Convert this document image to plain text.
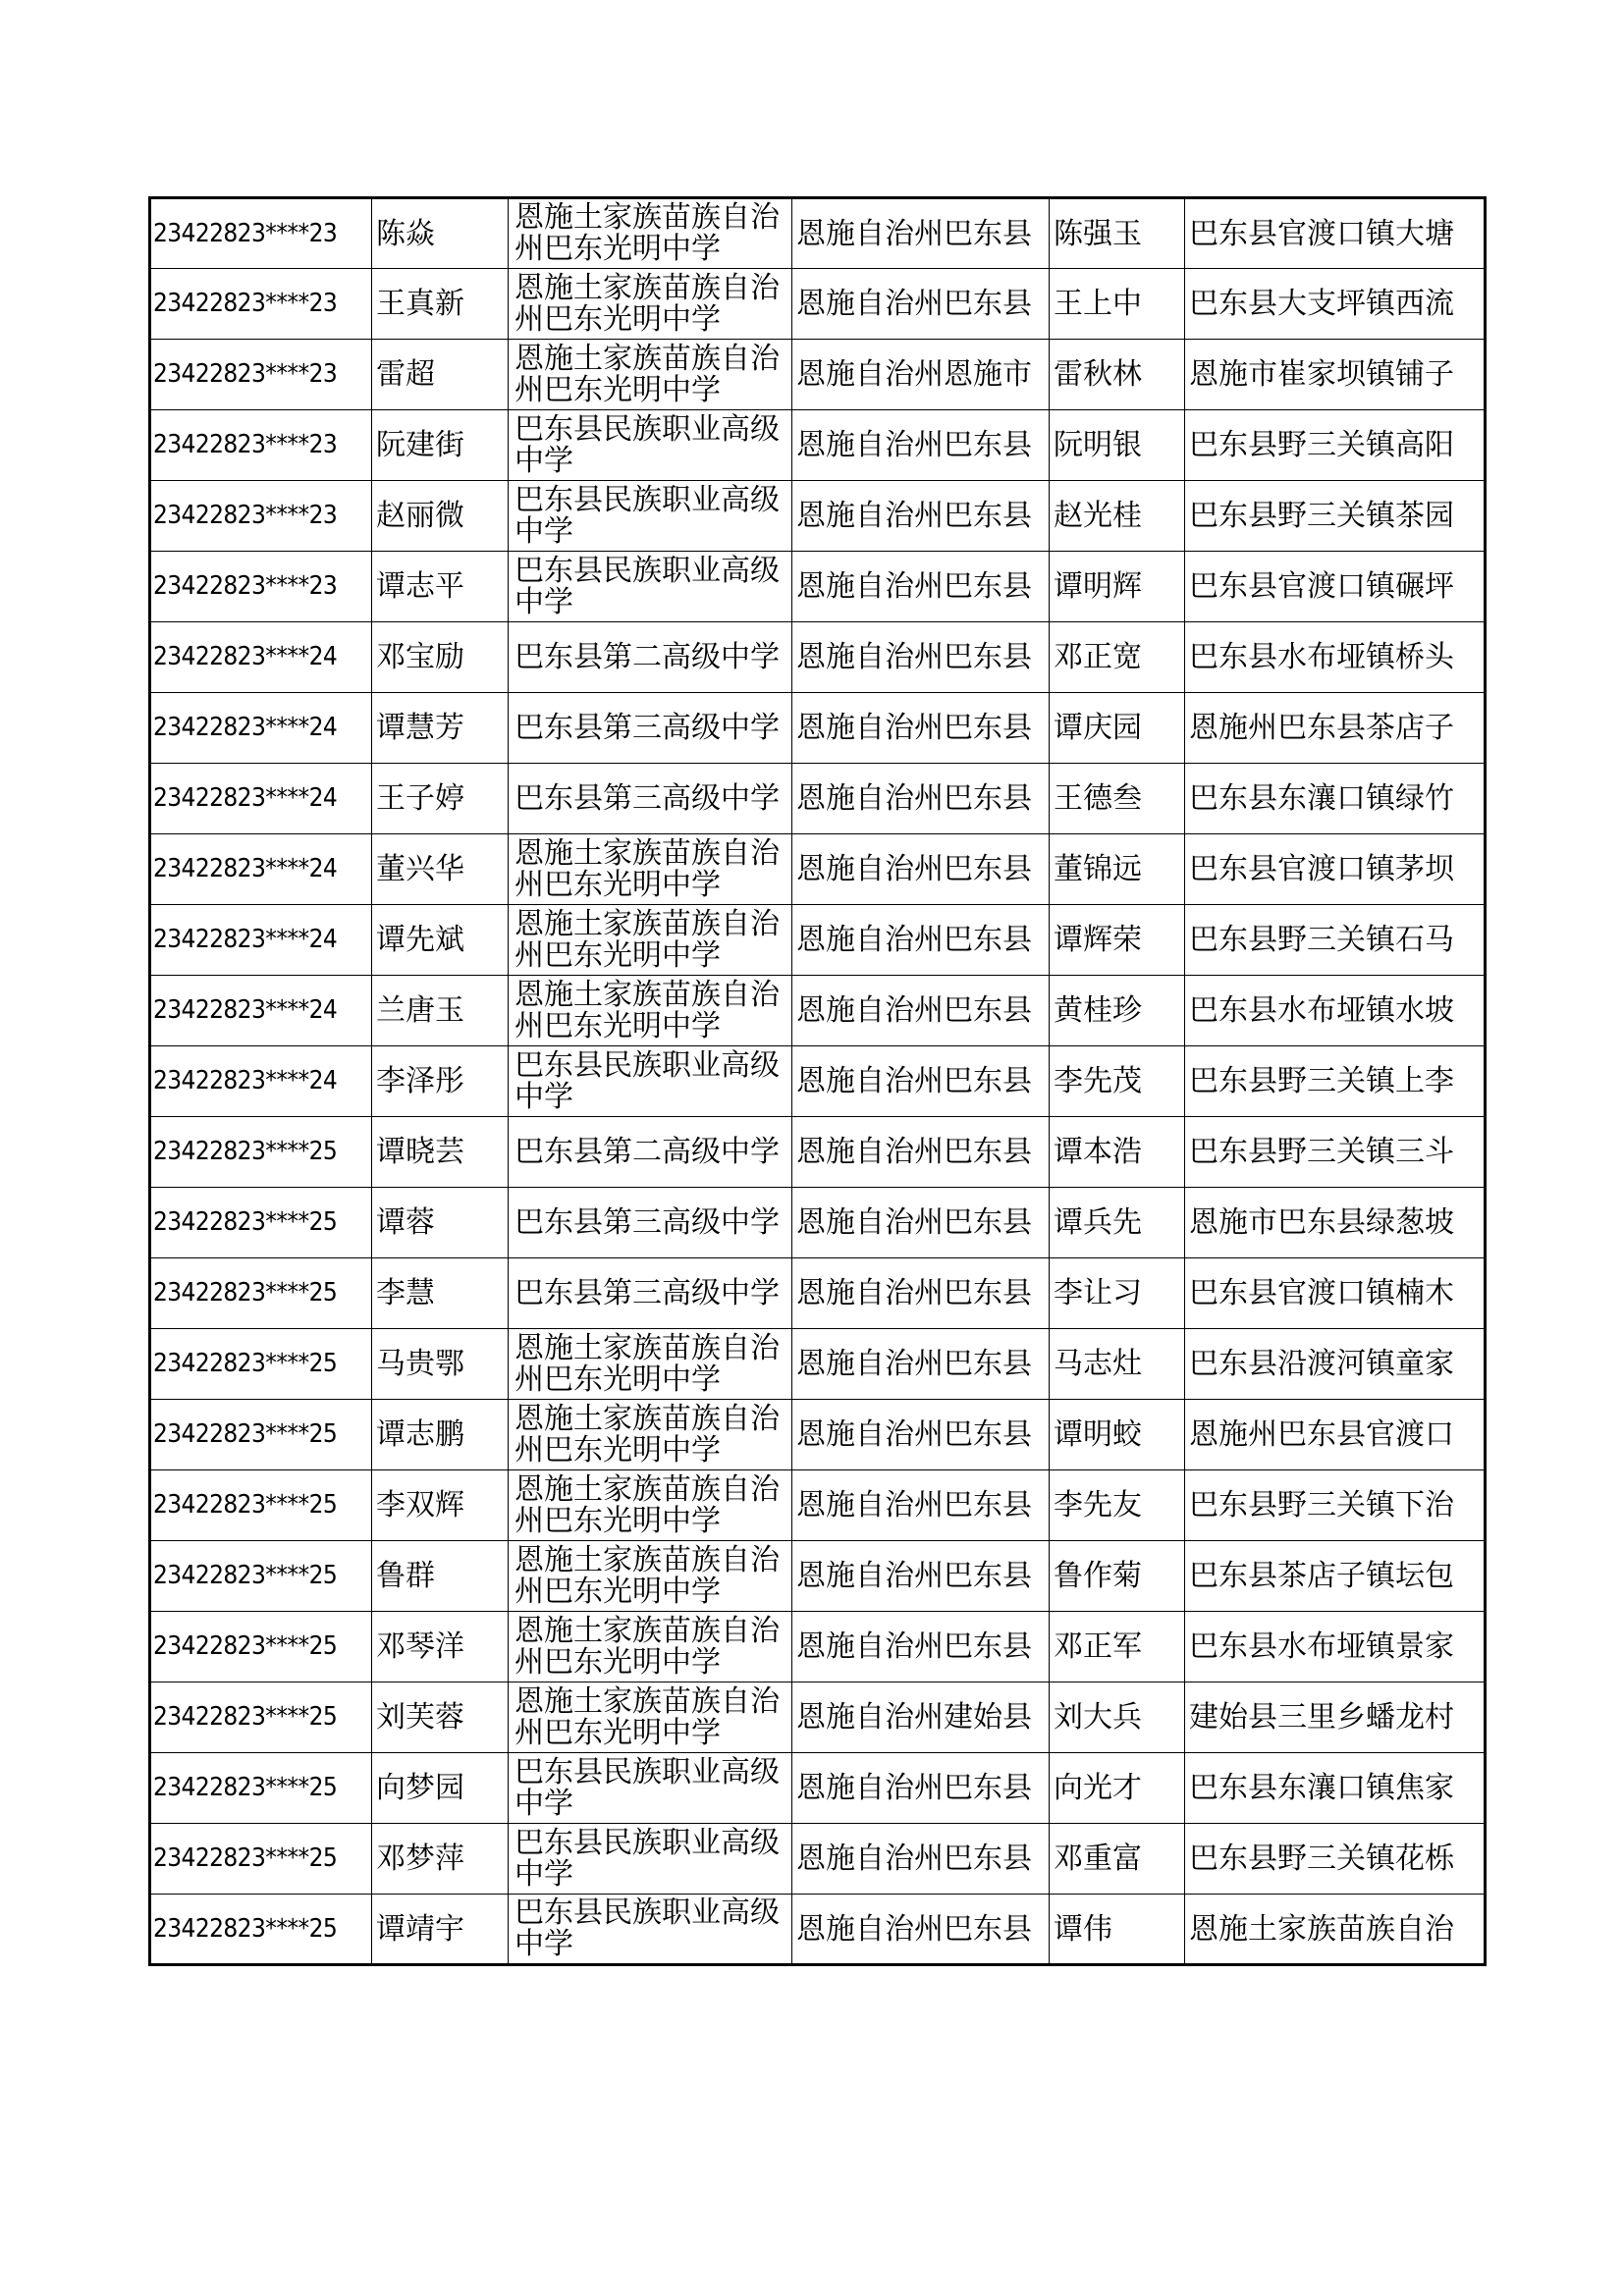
23422823****23	陈焱	恩施土家族苗族自治
州巴东光明中学	恩施自治州巴东县	陈强玉	巴东县官渡口镇大塘
23422823****23	王真新	恩施土家族苗族自治
州巴东光明中学	恩施自治州巴东县	王上中	巴东县大支坪镇西流
23422823****23	雷超	恩施土家族苗族自治
州巴东光明中学	恩施自治州恩施市	雷秋林	恩施市崔家坝镇铺子
23422823****23	阮建街	巴东县民族职业高级
中学	恩施自治州巴东县	阮明银	巴东县野三关镇高阳
23422823****23	赵丽微	巴东县民族职业高级
中学	恩施自治州巴东县	赵光桂	巴东县野三关镇茶园
23422823****23	谭志平	巴东县民族职业高级
中学	恩施自治州巴东县	谭明辉	巴东县官渡口镇碾坪
23422823****24	邓宝励	巴东县第二高级中学	恩施自治州巴东县	邓正宽	巴东县水布垭镇桥头
23422823****24	谭慧芳	巴东县第三高级中学	恩施自治州巴东县	谭庆园	恩施州巴东县茶店子
23422823****24	王子婷	巴东县第三高级中学	恩施自治州巴东县	王德叁	巴东县东瀼口镇绿竹
23422823****24	董兴华	恩施土家族苗族自治
州巴东光明中学	恩施自治州巴东县	董锦远	巴东县官渡口镇茅坝
23422823****24	谭先斌	恩施土家族苗族自治
州巴东光明中学	恩施自治州巴东县	谭辉荣	巴东县野三关镇石马
23422823****24	兰唐玉	恩施土家族苗族自治
州巴东光明中学	恩施自治州巴东县	黄桂珍	巴东县水布垭镇水坡
23422823****24	李泽彤	巴东县民族职业高级
中学	恩施自治州巴东县	李先茂	巴东县野三关镇上李
23422823****25	谭晓芸	巴东县第二高级中学	恩施自治州巴东县	谭本浩	巴东县野三关镇三斗
23422823****25	谭蓉	巴东县第三高级中学	恩施自治州巴东县	谭兵先	恩施市巴东县绿葱坡
23422823****25	李慧	巴东县第三高级中学	恩施自治州巴东县	李让习	巴东县官渡口镇楠木
23422823****25	马贵鄂	恩施土家族苗族自治
州巴东光明中学	恩施自治州巴东县	马志灶	巴东县沿渡河镇童家
23422823****25	谭志鹏	恩施土家族苗族自治
州巴东光明中学	恩施自治州巴东县	谭明蛟	恩施州巴东县官渡口
23422823****25	李双辉	恩施土家族苗族自治
州巴东光明中学	恩施自治州巴东县	李先友	巴东县野三关镇下治
23422823****25	鲁群	恩施土家族苗族自治
州巴东光明中学	恩施自治州巴东县	鲁作菊	巴东县茶店子镇坛包
23422823****25	邓琴洋	恩施土家族苗族自治
州巴东光明中学	恩施自治州巴东县	邓正军	巴东县水布垭镇景家
23422823****25	刘芙蓉	恩施土家族苗族自治
州巴东光明中学	恩施自治州建始县	刘大兵	建始县三里乡蟠龙村
23422823****25	向梦园	巴东县民族职业高级
中学	恩施自治州巴东县	向光才	巴东县东瀼口镇焦家
23422823****25	邓梦萍	巴东县民族职业高级
中学	恩施自治州巴东县	邓重富	巴东县野三关镇花栎
23422823****25	谭靖宇	巴东县民族职业高级
中学	恩施自治州巴东县	谭伟	恩施土家族苗族自治
